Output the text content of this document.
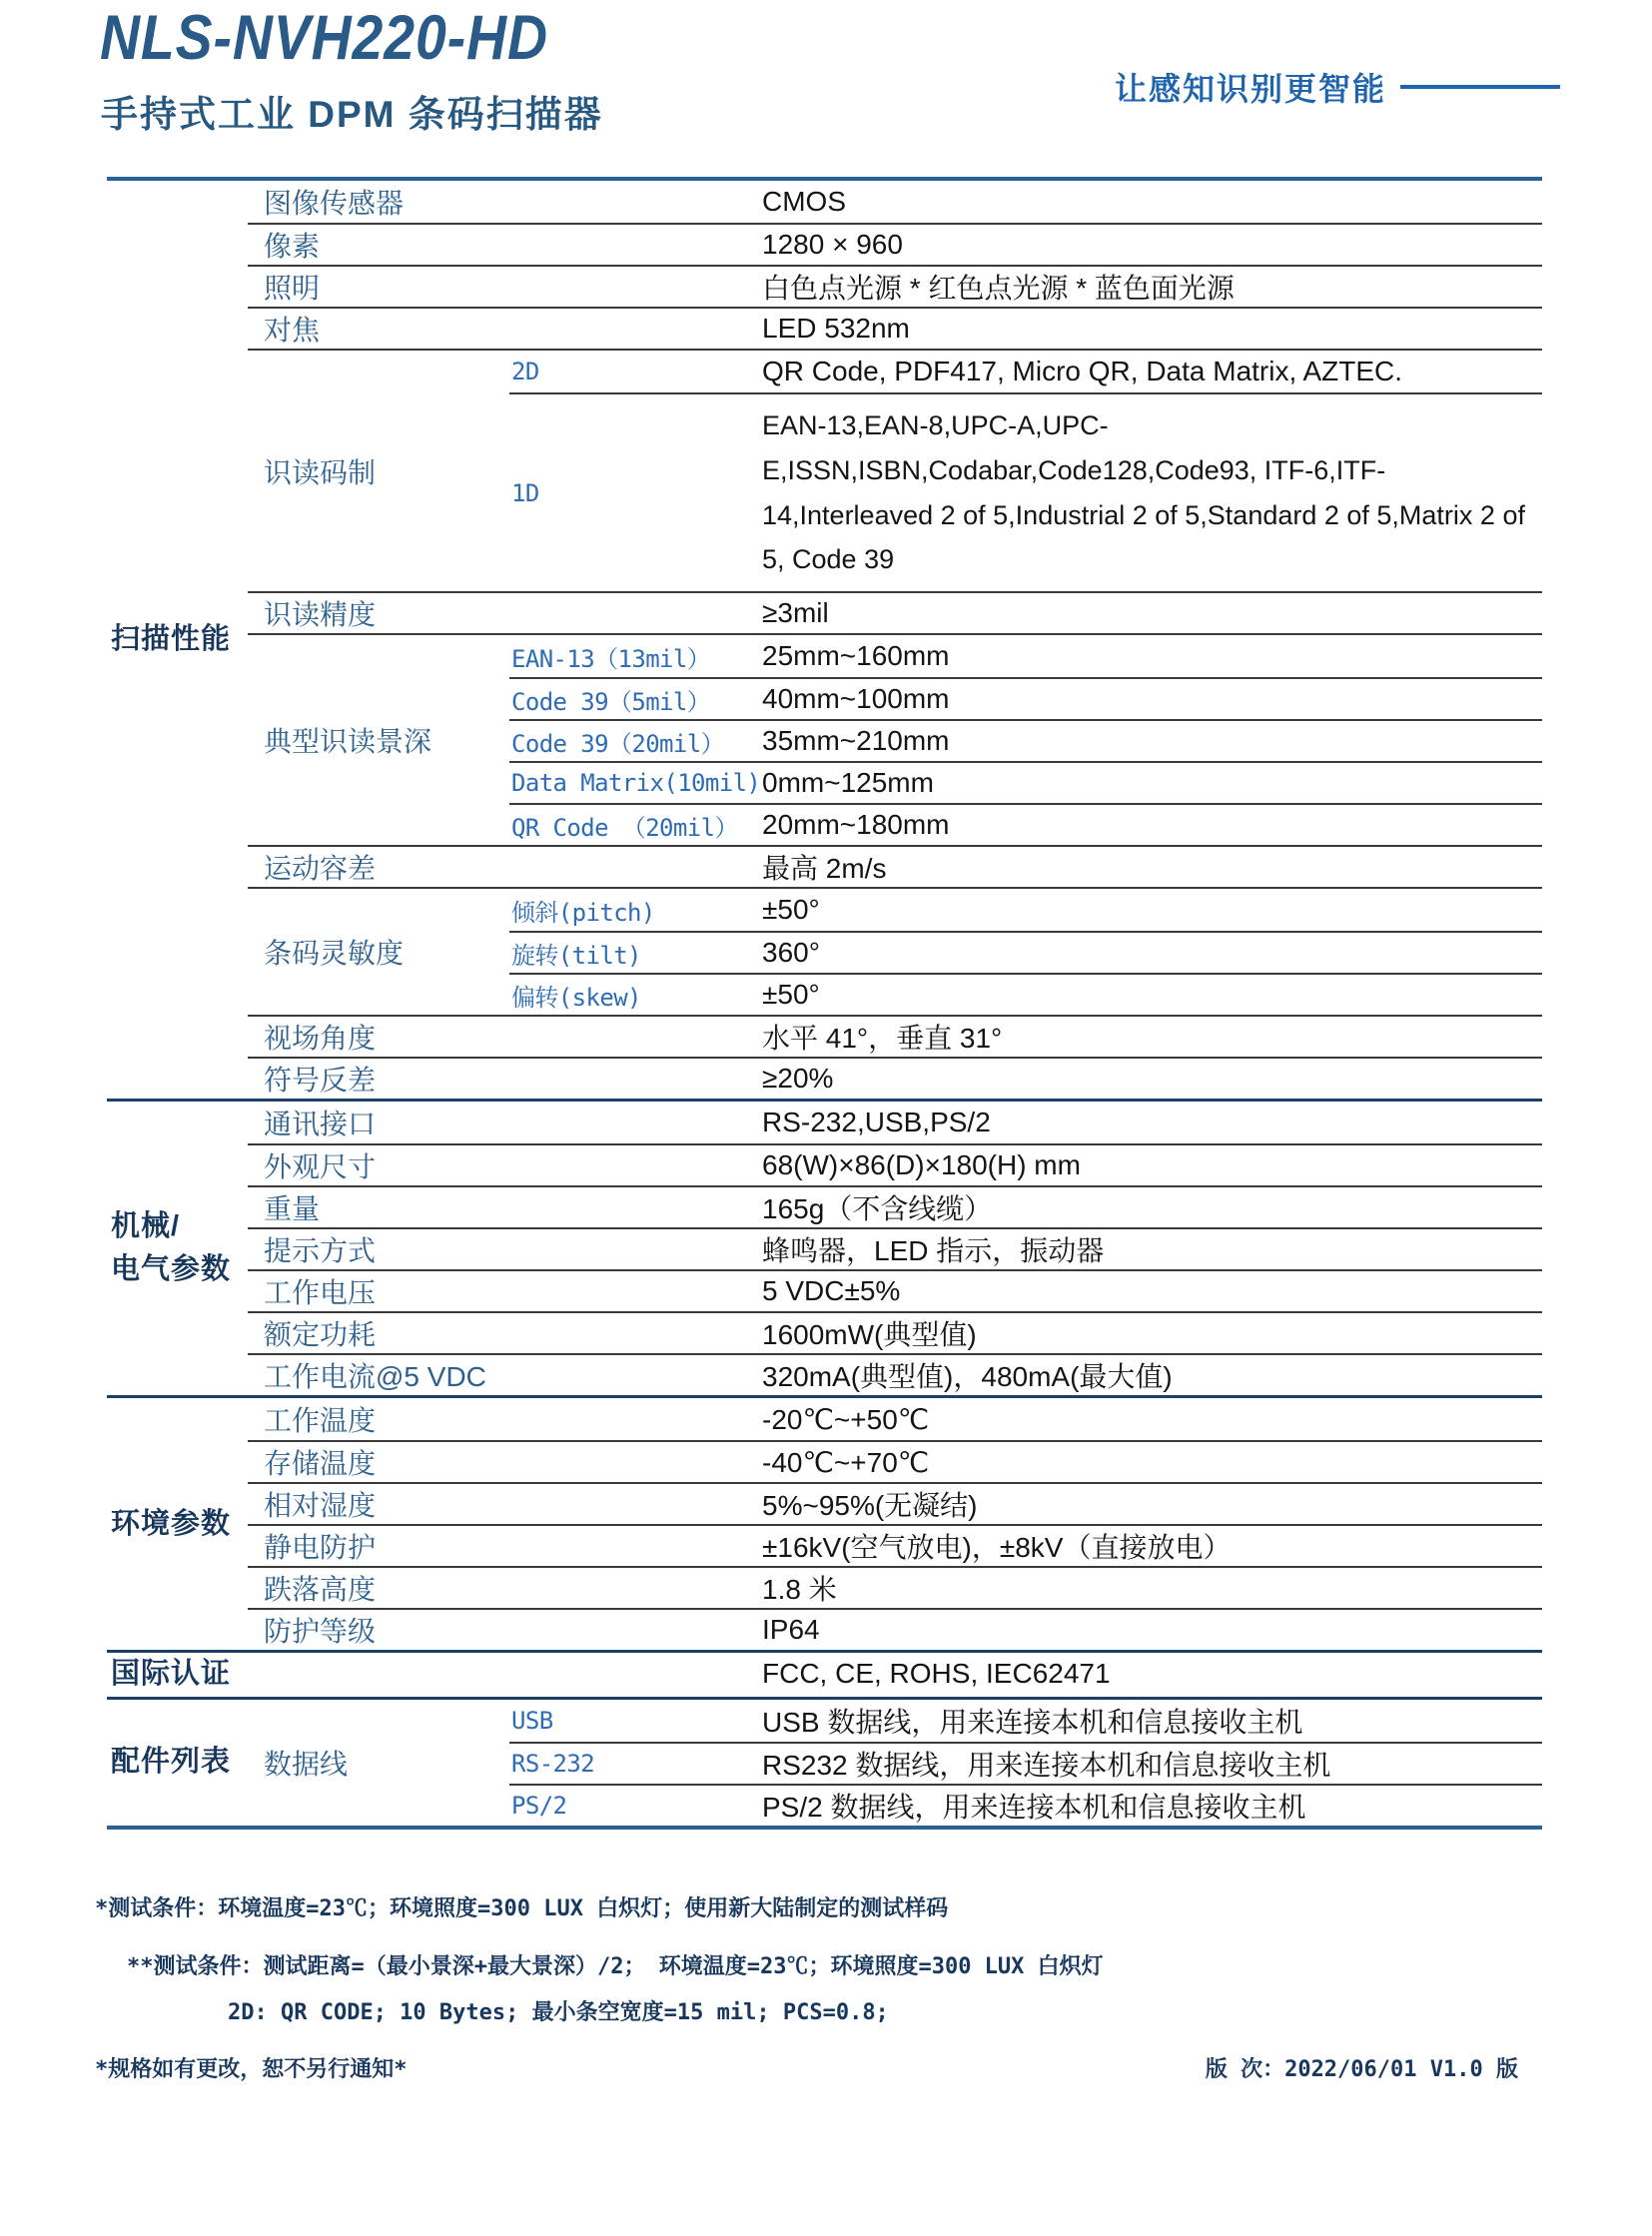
NLS-NVH220-HD
手持式工业 DPM 条码扫描器
让感知识别更智能
扫描性能
图像传感器	CMOS
像素	1280 × 960
照明	白色点光源 * 红色点光源 * 蓝色面光源
对焦	LED 532nm
识读码制
2D	QR Code, PDF417, Micro QR, Data Matrix, AZTEC.
1D
EAN-13,EAN-8,UPC-A,UPC-E,ISSN,ISBN,Codabar,Code128,Code93, ITF-6,ITF-14,Interleaved 2 of 5,Industrial 2 of 5,Standard 2 of 5,Matrix 2 of 5, Code 39
识读精度	≥3mil
典型识读景深
EAN-13（13mil）	25mm~160mm
Code 39（5mil）	40mm~100mm
Code 39（20mil）	35mm~210mm
Data Matrix(10mil) 0mm~125mm
QR Code （20mil） 20mm~180mm
运动容差	最高 2m/s
条码灵敏度
倾斜(pitch)	±50°
旋转(tilt)	360°
偏转(skew)	±50°
视场角度	水平 41°，垂直 31°
符号反差	≥20%
机械/
电气参数
通讯接口	RS-232,USB,PS/2
外观尺寸	68(W)×86(D)×180(H) mm
重量	165g（不含线缆）
提示方式	蜂鸣器，LED 指示，振动器
工作电压	5 VDC±5%
额定功耗	1600mW(典型值)
工作电流@5 VDC	320mA(典型值)，480mA(最大值)
环境参数
工作温度	-20℃~+50℃
存储温度	-40℃~+70℃
相对湿度	5%~95%(无凝结)
静电防护	±16kV(空气放电)，±8kV（直接放电）
跌落高度	1.8 米
防护等级	IP64
国际认证	FCC, CE, ROHS, IEC62471
配件列表	数据线
USB	USB 数据线，用来连接本机和信息接收主机
RS-232	RS232 数据线，用来连接本机和信息接收主机
PS/2	PS/2 数据线，用来连接本机和信息接收主机
*测试条件：环境温度=23℃；环境照度=300 LUX 白炽灯；使用新大陆制定的测试样码
**测试条件：测试距离=（最小景深+最大景深）/2； 环境温度=23℃；环境照度=300 LUX 白炽灯
2D: QR CODE; 10 Bytes; 最小条空宽度=15 mil; PCS=0.8;
*规格如有更改，恕不另行通知*	版 次：2022/06/01 V1.0 版
